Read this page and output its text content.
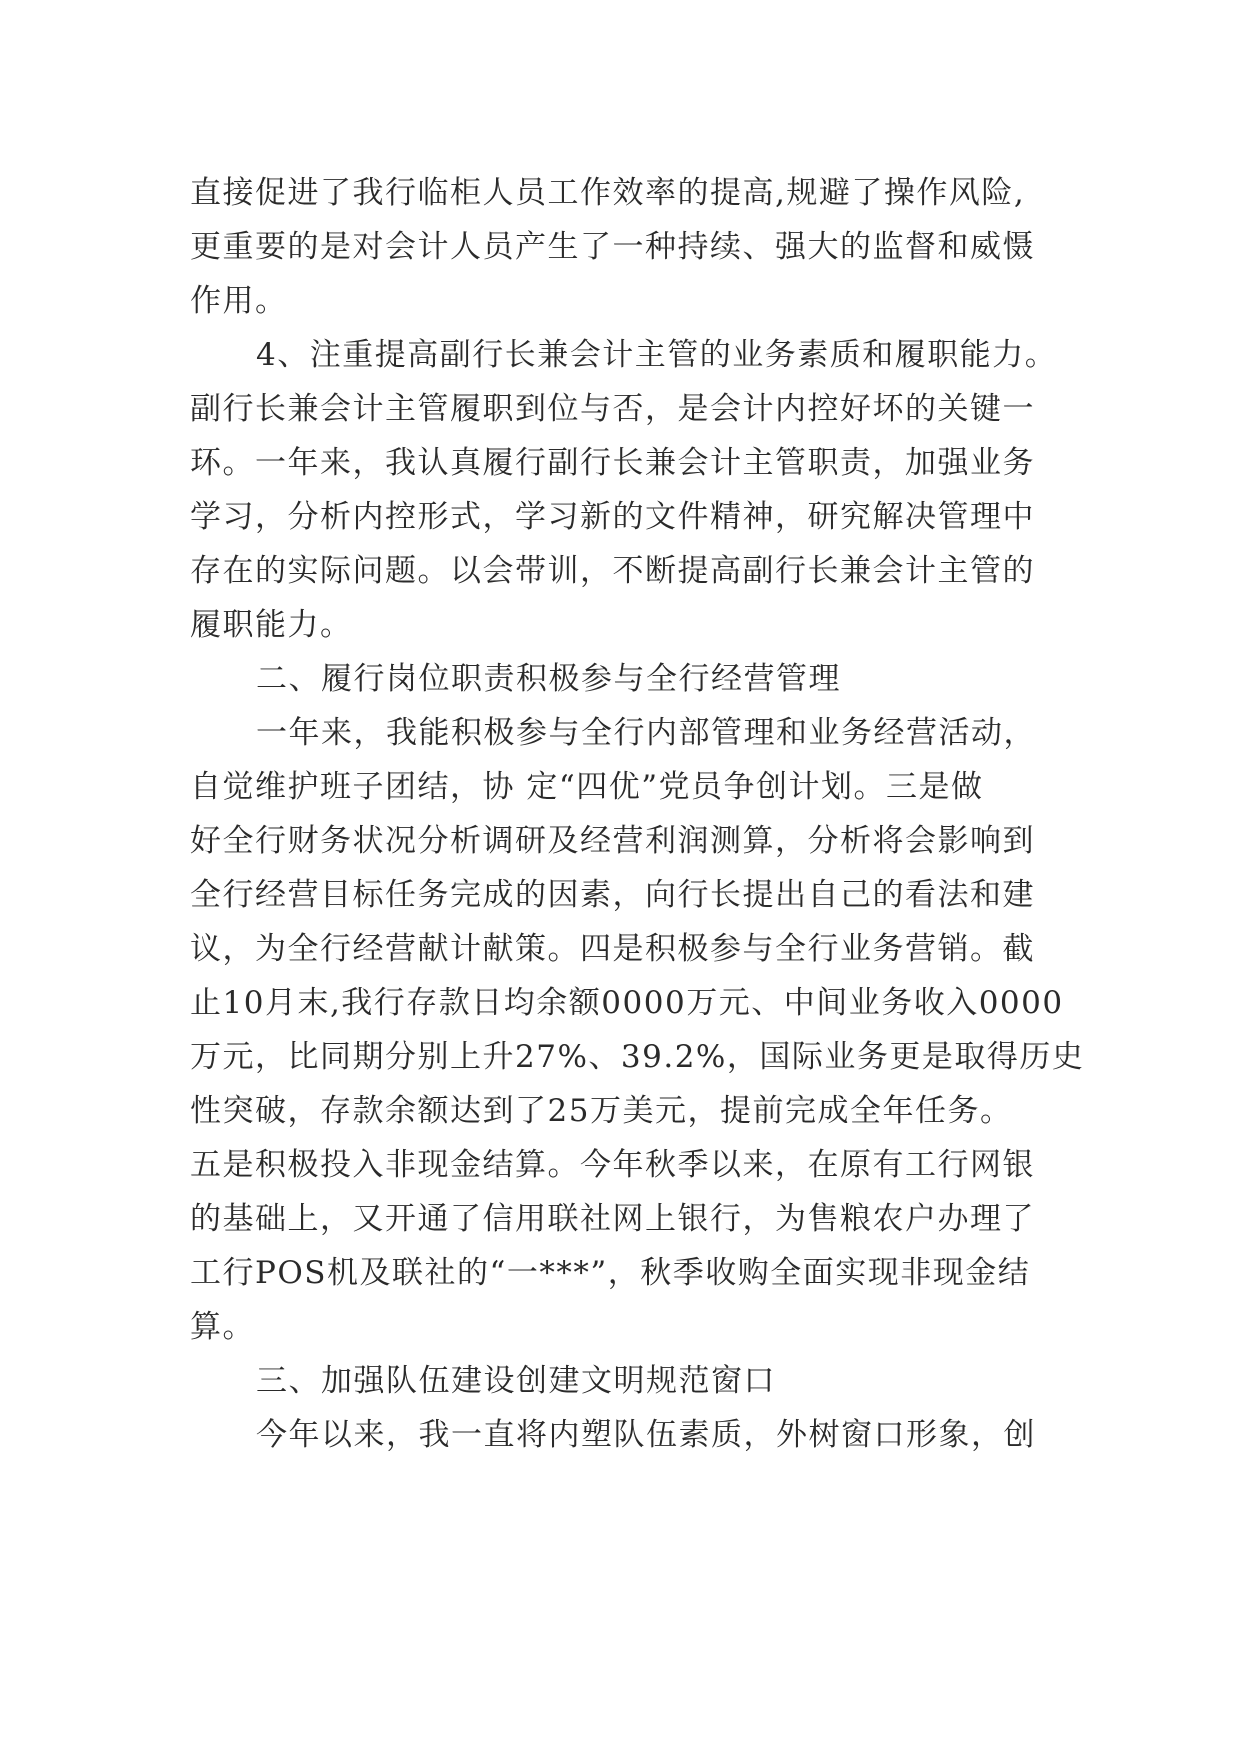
直接促进了我行临柜人员工作效率的提高,规避了操作风险,
更重要的是对会计人员产生了一种持续、强大的监督和威慑
作用。
4、注重提高副行长兼会计主管的业务素质和履职能力。
副行长兼会计主管履职到位与否，是会计内控好坏的关键一
环。一年来，我认真履行副行长兼会计主管职责，加强业务
学习，分析内控形式，学习新的文件精神，研究解决管理中
存在的实际问题。以会带训，不断提高副行长兼会计主管的
履职能力。
二、履行岗位职责积极参与全行经营管理
一年来，我能积极参与全行内部管理和业务经营活动，
自觉维护班子团结，协 定“四优”党员争创计划。三是做
好全行财务状况分析调研及经营利润测算，分析将会影响到
全行经营目标任务完成的因素，向行长提出自己的看法和建
议，为全行经营献计献策。四是积极参与全行业务营销。截
止10月末,我行存款日均余额0000万元、中间业务收入0000
万元，比同期分别上升27%、39.2%，国际业务更是取得历史
性突破，存款余额达到了25万美元，提前完成全年任务。
五是积极投入非现金结算。今年秋季以来，在原有工行网银
的基础上，又开通了信用联社网上银行，为售粮农户办理了
工行POS机及联社的“一***”，秋季收购全面实现非现金结
算。
三、加强队伍建设创建文明规范窗口
今年以来，我一直将内塑队伍素质，外树窗口形象，创
